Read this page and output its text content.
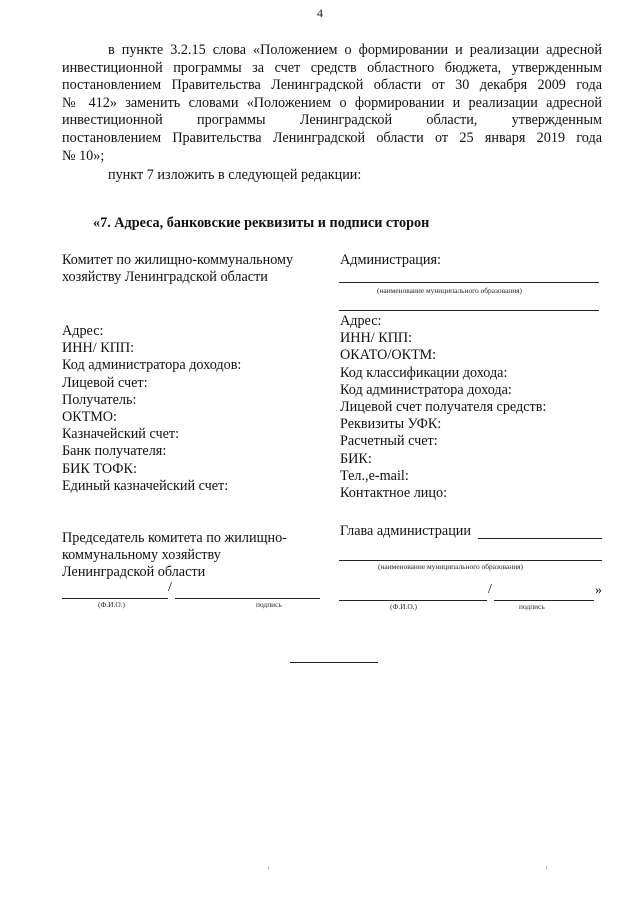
4
в пункте 3.2.15 слова «Положением о формировании и реализации адресной
инвестиционной программы за счет средств областного бюджета, утвержденным
постановлением Правительства Ленинградской области от 30 декабря 2009 года
№ 412» заменить словами «Положением о формировании и реализации адресной
инвестиционной программы Ленинградской области, утвержденным
постановлением Правительства Ленинградской области от 25 января 2019 года
№ 10»;
пункт 7 изложить в следующей редакции:
«7. Адреса, банковские реквизиты и подписи сторон
Комитет по жилищно-коммунальному
хозяйству Ленинградской области
Адрес:
ИНН/ КПП:
Код администратора доходов:
Лицевой счет:
Получатель:
ОКТМО:
Казначейский счет:
Банк получателя:
БИК ТОФК:
Единый казначейский счет:
Председатель комитета по жилищно-
коммунальному хозяйству
Ленинградской области
/
(Ф.И.О.)	подпись
Администрация:
(наименование муниципального образования)
Адрес:
ИНН/ КПП:
ОКАТО/ОКТМ:
Код классификации дохода:
Код администратора дохода:
Лицевой счет получателя средств:
Реквизиты УФК:
Расчетный счет:
БИК:
Тел.,e-mail:
Контактное лицо:
Глава администрации
(наименование муниципального образования)
/	»
(Ф.И.О.)	подпись
